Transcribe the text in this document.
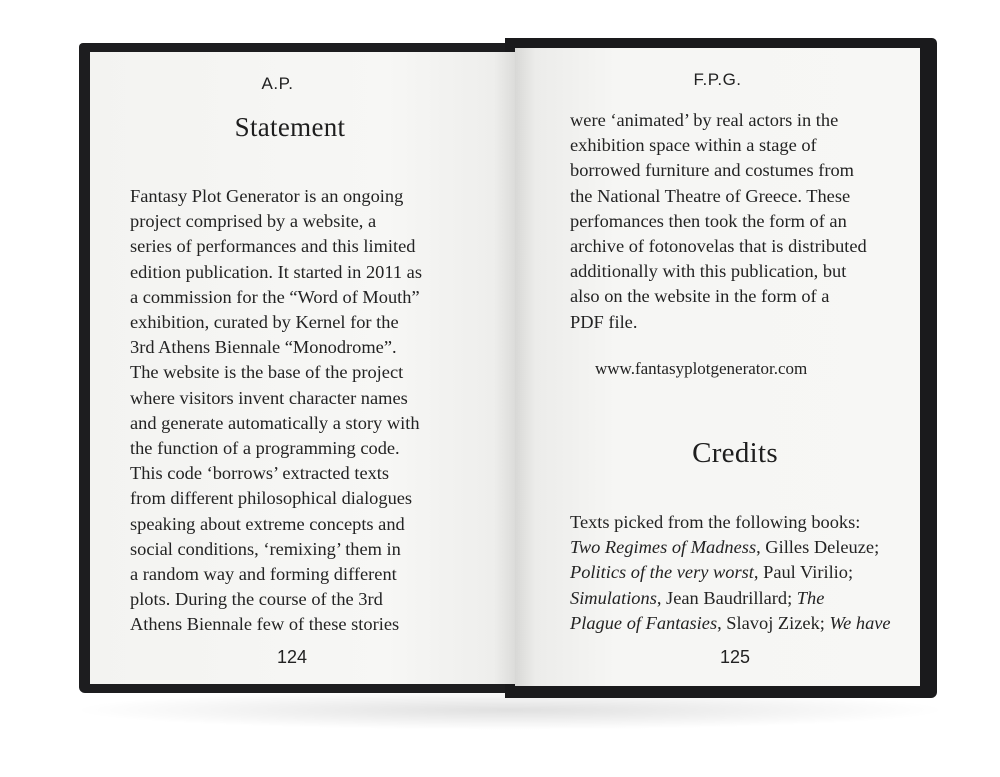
A.P.
Statement
Fantasy Plot Generator is an ongoing
project comprised by a website, a
series of performances and this limited
edition publication. It started in 2011 as
a commission for the “Word of Mouth”
exhibition, curated by Kernel for the
3rd Athens Biennale “Monodrome”.
The website is the base of the project
where visitors invent character names
and generate automatically a story with
the function of a programming code.
This code ‘borrows’ extracted texts
from different philosophical dialogues
speaking about extreme concepts and
social conditions, ‘remixing’ them in
a random way and forming different
plots. During the course of the 3rd
Athens Biennale few of these stories
124
F.P.G.
were ‘animated’ by real actors in the
exhibition space within a stage of
borrowed furniture and costumes from
the National Theatre of Greece. These
perfomances then took the form of an
archive of fotonovelas that is distributed
additionally with this publication, but
also on the website in the form of a
PDF file.
www.fantasyplotgenerator.com
Credits
Texts picked from the following books:
Two Regimes of Madness, Gilles Deleuze;
Politics of the very worst, Paul Virilio;
Simulations, Jean Baudrillard; The
Plague of Fantasies, Slavoj Zizek; We have
125
